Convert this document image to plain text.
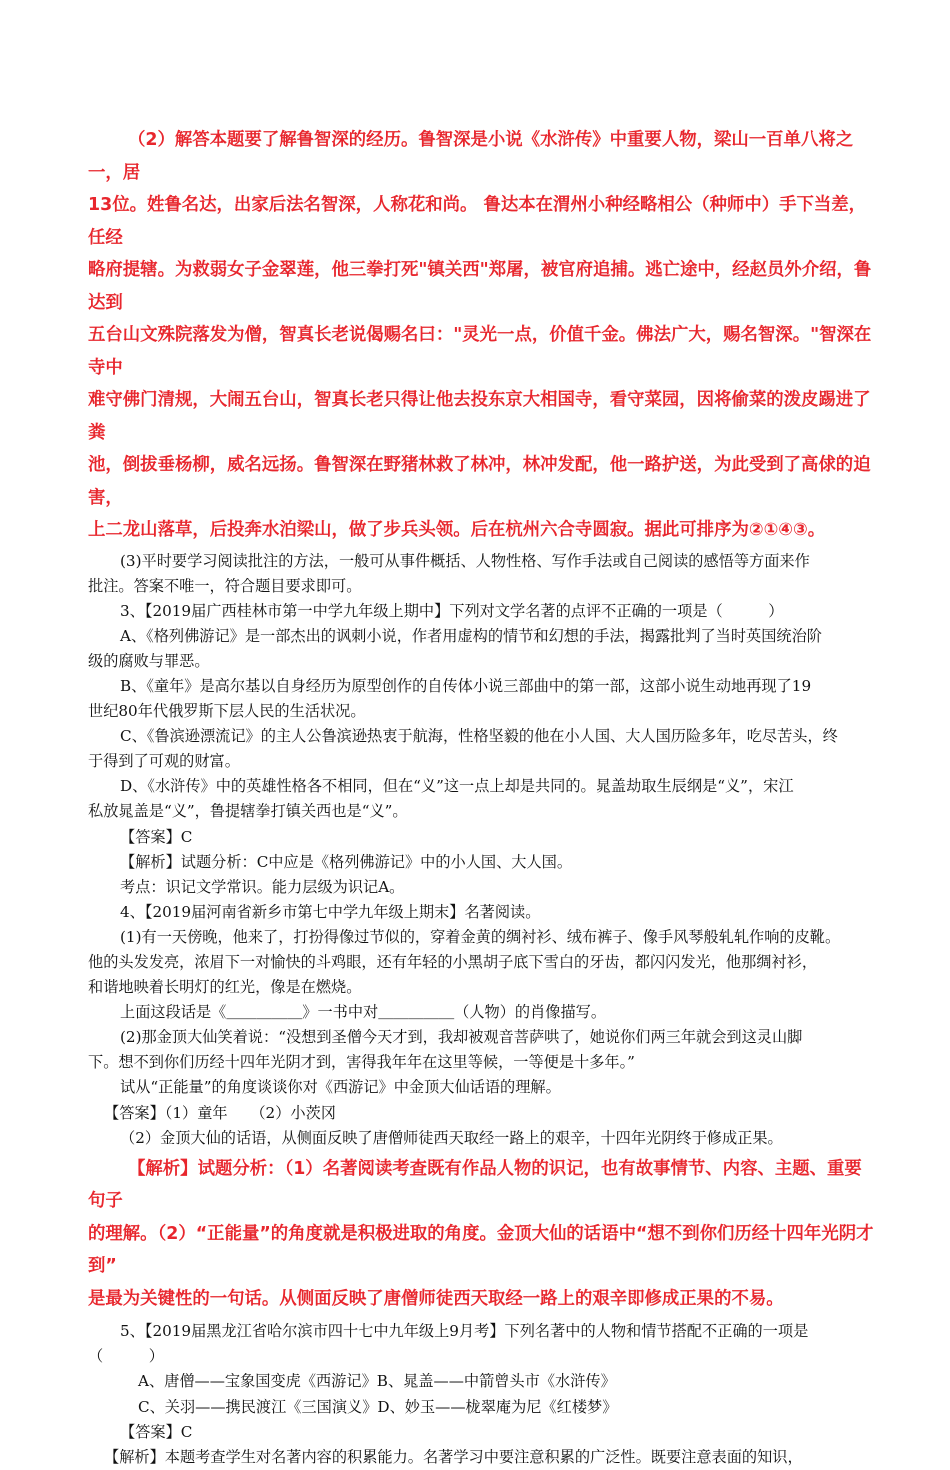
（2）解答本题要了解鲁智深的经历。鲁智深是小说《水浒传》中重要人物，梁山一百单八将之一，居

13位。姓鲁名达，出家后法名智深，人称花和尚。 鲁达本在渭州小种经略相公（种师中）手下当差，任经

略府提辖。为救弱女子金翠莲，他三拳打死"镇关西"郑屠，被官府追捕。逃亡途中，经赵员外介绍，鲁达到

五台山文殊院落发为僧，智真长老说偈赐名曰："灵光一点，价值千金。佛法广大，赐名智深。"智深在寺中

难守佛门清规，大闹五台山，智真长老只得让他去投东京大相国寺，看守菜园，因将偷菜的泼皮踢进了粪

池，倒拔垂杨柳，威名远扬。鲁智深在野猪林救了林冲，林冲发配，他一路护送，为此受到了高俅的迫害，

上二龙山落草，后投奔水泊梁山，做了步兵头领。后在杭州六合寺圆寂。据此可排序为②①④③。

(3)平时要学习阅读批注的方法，一般可从事件概括、人物性格、写作手法或自己阅读的感悟等方面来作

批注。答案不唯一，符合题目要求即可。

3、【2019届广西桂林市第一中学九年级上期中】下列对文学名著的点评不正确的一项是（　　　）

A、《格列佛游记》是一部杰出的讽刺小说，作者用虚构的情节和幻想的手法，揭露批判了当时英国统治阶

级的腐败与罪恶。

B、《童年》是高尔基以自身经历为原型创作的自传体小说三部曲中的第一部，这部小说生动地再现了19

世纪80年代俄罗斯下层人民的生活状况。

C、《鲁滨逊漂流记》的主人公鲁滨逊热衷于航海，性格坚毅的他在小人国、大人国历险多年，吃尽苦头，终

于得到了可观的财富。

D、《水浒传》中的英雄性格各不相同，但在“义”这一点上却是共同的。晁盖劫取生辰纲是“义”，宋江

私放晁盖是“义”，鲁提辖拳打镇关西也是“义”。

【答案】C

【解析】试题分析：C中应是《格列佛游记》中的小人国、大人国。

考点：识记文学常识。能力层级为识记A。

4、【2019届河南省新乡市第七中学九年级上期末】名著阅读。

(1)有一天傍晚，他来了，打扮得像过节似的，穿着金黄的绸衬衫、绒布裤子、像手风琴般轧轧作响的皮靴。

他的头发发亮，浓眉下一对愉快的斗鸡眼，还有年轻的小黑胡子底下雪白的牙齿，都闪闪发光，他那绸衬衫，

和谐地映着长明灯的红光，像是在燃烧。

上面这段话是《＿＿＿＿＿》一书中对＿＿＿＿＿（人物）的肖像描写。

(2)那金顶大仙笑着说：“没想到圣僧今天才到，我却被观音菩萨哄了，她说你们两三年就会到这灵山脚

下。想不到你们历经十四年光阴才到，害得我年年在这里等候，一等便是十多年。”

试从“正能量”的角度谈谈你对《西游记》中金顶大仙话语的理解。

【答案】（1）童年　　（2）小茨冈

（2）金顶大仙的话语，从侧面反映了唐僧师徒西天取经一路上的艰辛，十四年光阴终于修成正果。

【解析】试题分析：（1）名著阅读考查既有作品人物的识记，也有故事情节、内容、主题、重要句子

的理解。（2）“正能量”的角度就是积极进取的角度。金顶大仙的话语中“想不到你们历经十四年光阴才到”

是最为关键性的一句话。从侧面反映了唐僧师徒西天取经一路上的艰辛即修成正果的不易。

5、【2019届黑龙江省哈尔滨市四十七中九年级上9月考】下列名著中的人物和情节搭配不正确的一项是

（　　　）

A、唐僧——宝象国变虎《西游记》B、晁盖——中箭曾头市《水浒传》

C、关羽——携民渡江《三国演义》D、妙玉——栊翠庵为尼《红楼梦》

【答案】C

【解析】本题考查学生对名著内容的积累能力。名著学习中要注意积累的广泛性。既要注意表面的知识，
